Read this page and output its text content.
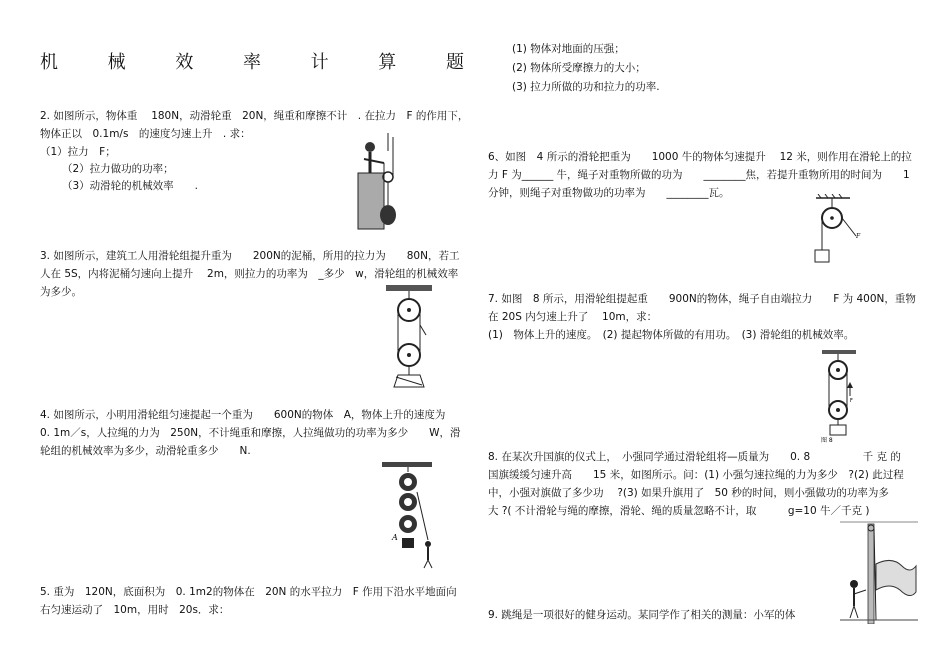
机	械	效	率	计	算	题
2. 如图所示，物体重　 180N，动滑轮重　20N，绳重和摩擦不计　. 在拉力　F 的作用下，
物体正以　0.1m/s　的速度匀速上升　. 求：
（1）拉力　F；
（2）拉力做功的功率；
（3）动滑轮的机械效率　　.
3. 如图所示，建筑工人用滑轮组提升重为　　200N的泥桶，所用的拉力为　　80N，若工
人在 5S，内将泥桶匀速向上提升　 2m，则拉力的功率为　_多少　w，滑轮组的机械效率
为多少。
4. 如图所示，小明用滑轮组匀速提起一个重为　　600N的物体　A，物体上升的速度为
0. 1m／s，人拉绳的力为　250N，不计绳重和摩擦，人拉绳做功的功率为多少　　W，滑
轮组的机械效率为多少，动滑轮重多少　　N.
A
5. 重为　120N，底面积为　0. 1m2的物体在　20N 的水平拉力　F 作用下沿水平地面向
右匀速运动了　10m，用时　20s．求：
(1) 物体对地面的压强；
(2) 物体所受摩擦力的大小；
(3) 拉力所做的功和拉力的功率.
6、如图　4 所示的滑轮把重为　　1000 牛的物体匀速提升　 12 米，则作用在滑轮上的拉
力 F 为______ 牛，绳子对重物所做的功为　　________焦，若提升重物所用的时间为　　1
分钟，则绳子对重物做功的功率为　　________瓦。
F
7. 如图　8 所示，用滑轮组提起重　　900N的物体，绳子自由端拉力　　F 为 400N，重物
在 20S 内匀速上升了　 10m，求：
(1)　物体上升的速度。　(2) 提起物体所做的有用功。　(3) 滑轮组的机械效率。
F
图 8
8. 在某次升国旗的仪式上，　小强同学通过滑轮组将—质量为　　0. 8　　　　　千 克 的
国旗缓缓匀速升高　　15 米，如图所示。问：(1) 小强匀速拉绳的力为多少　?(2) 此过程
中，小强对旗做了多少功　 ?(3) 如果升旗用了　50 秒的时间，则小强做功的功率为多
大 ?( 不计滑轮与绳的摩擦，滑轮、绳的质量忽略不计，取　　　g=10 牛／千克 )
9. 跳绳是一项很好的健身运动。某同学作了相关的测量：小军的体
